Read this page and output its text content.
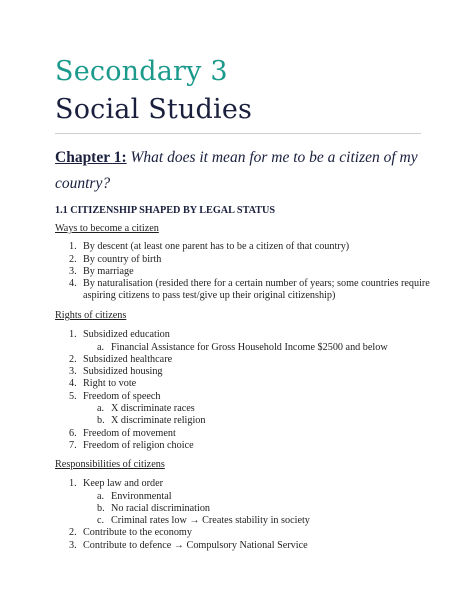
Secondary 3
Social Studies
Chapter 1: What does it mean for me to be a citizen of my country?
1.1 CITIZENSHIP SHAPED BY LEGAL STATUS
Ways to become a citizen
1. By descent (at least one parent has to be a citizen of that country)
2. By country of birth
3. By marriage
4. By naturalisation (resided there for a certain number of years; some countries require aspiring citizens to pass test/give up their original citizenship)
Rights of citizens
1. Subsidized education
a. Financial Assistance for Gross Household Income $2500 and below
2. Subsidized healthcare
3. Subsidized housing
4. Right to vote
5. Freedom of speech
a. X discriminate races
b. X discriminate religion
6. Freedom of movement
7. Freedom of religion choice
Responsibilities of citizens
1. Keep law and order
a. Environmental
b. No racial discrimination
c. Criminal rates low → Creates stability in society
2. Contribute to the economy
3. Contribute to defence → Compulsory National Service
